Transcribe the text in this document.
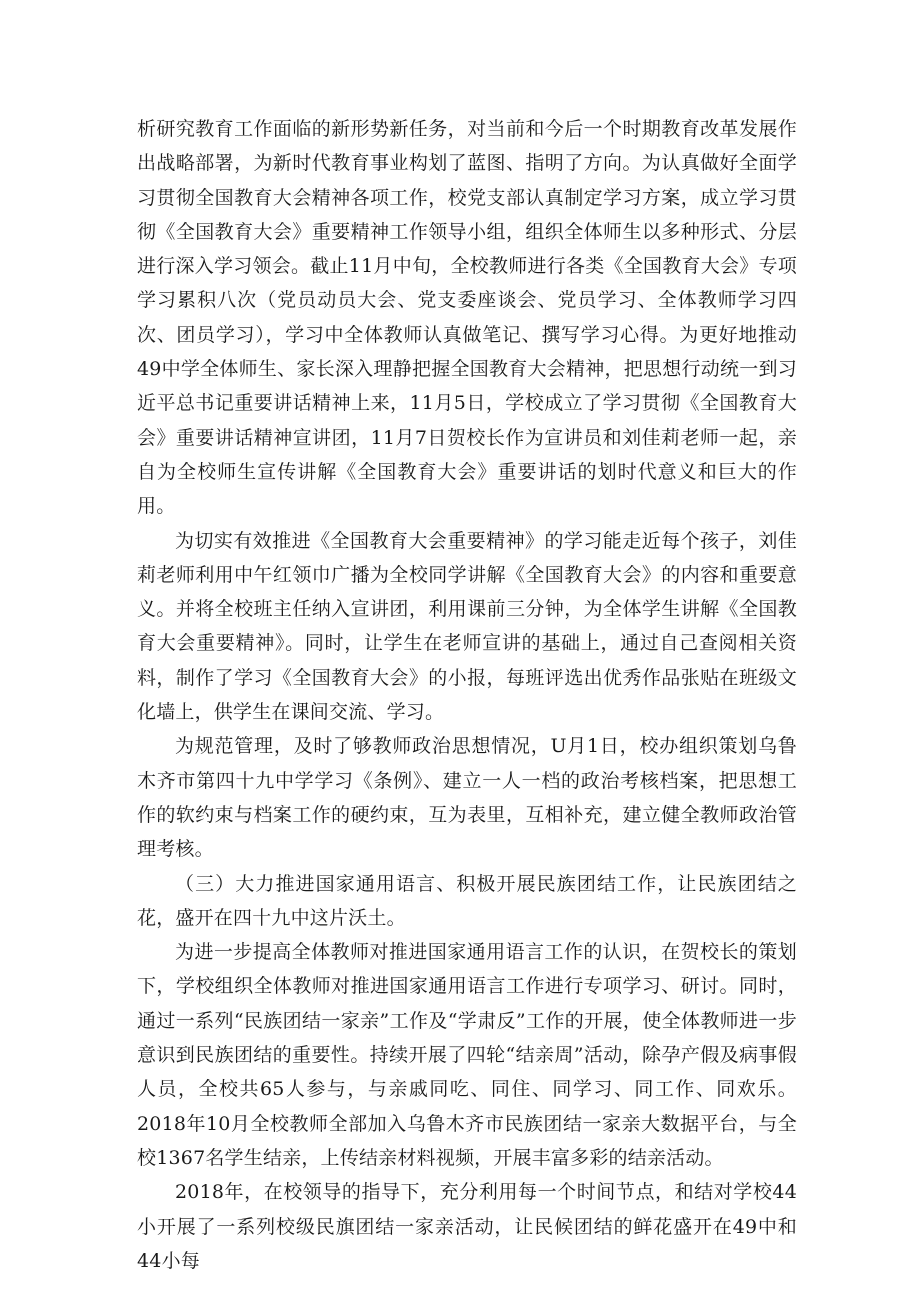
析研究教育工作面临的新形势新任务，对当前和今后一个时期教育改革发展作出战略部署，为新时代教育事业构划了蓝图、指明了方向。为认真做好全面学习贯彻全国教育大会精神各项工作，校党支部认真制定学习方案，成立学习贯彻《全国教育大会》重要精神工作领导小组，组织全体师生以多种形式、分层进行深入学习领会。截止11月中旬，全校教师进行各类《全国教育大会》专项学习累积八次（党员动员大会、党支委座谈会、党员学习、全体教师学习四次、团员学习），学习中全体教师认真做笔记、撰写学习心得。为更好地推动49中学全体师生、家长深入理静把握全国教育大会精神，把思想行动统一到习近平总书记重要讲话精神上来，11月5日，学校成立了学习贯彻《全国教育大会》重要讲话精神宣讲团，11月7日贺校长作为宣讲员和刘佳莉老师一起，亲自为全校师生宣传讲解《全国教育大会》重要讲话的划时代意义和巨大的作用。

为切实有效推进《全国教育大会重要精神》的学习能走近每个孩子，刘佳莉老师利用中午红领巾广播为全校同学讲解《全国教育大会》的内容和重要意义。并将全校班主任纳入宣讲团，利用课前三分钟，为全体学生讲解《全国教育大会重要精神》。同时，让学生在老师宣讲的基础上，通过自己查阅相关资料，制作了学习《全国教育大会》的小报，每班评选出优秀作品张贴在班级文化墙上，供学生在课间交流、学习。

为规范管理，及时了够教师政治思想情况，U月1日，校办组织策划乌鲁木齐市第四十九中学学习《条例》、建立一人一档的政治考核档案，把思想工作的软约束与档案工作的硬约束，互为表里，互相补充，建立健全教师政治管理考核。

（三）大力推进国家通用语言、积极开展民族团结工作，让民族团结之花，盛开在四十九中这片沃土。

为进一步提高全体教师对推进国家通用语言工作的认识，在贺校长的策划下，学校组织全体教师对推进国家通用语言工作进行专项学习、研讨。同时，通过一系列“民族团结一家亲”工作及“学肃反”工作的开展，使全体教师进一步意识到民族团结的重要性。持续开展了四轮“结亲周”活动，除孕产假及病事假人员，全校共65人参与，与亲戚同吃、同住、同学习、同工作、同欢乐。2018年10月全校教师全部加入乌鲁木齐市民族团结一家亲大数据平台，与全校1367名学生结亲，上传结亲材料视频，开展丰富多彩的结亲活动。

2018年，在校领导的指导下，充分利用每一个时间节点，和结对学校44小开展了一系列校级民旗团结一家亲活动，让民候团结的鲜花盛开在49中和44小每
